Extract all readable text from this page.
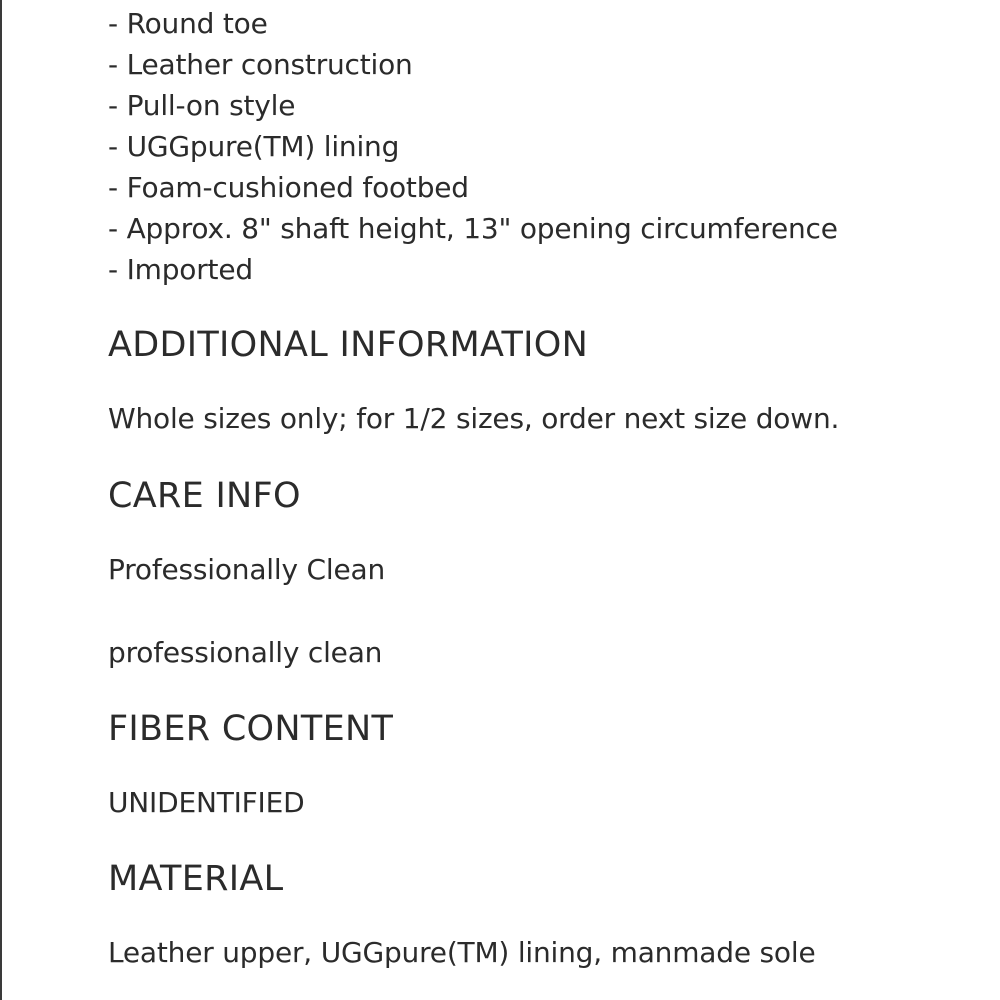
- Round toe
- Leather construction
- Pull-on style
- UGGpure(TM) lining
- Foam-cushioned footbed
- Approx. 8" shaft height, 13" opening circumference
- Imported
ADDITIONAL INFORMATION

Whole sizes only; for 1/2 sizes, order next size down.

CARE INFO

Professionally Clean

professionally clean

FIBER CONTENT

UNIDENTIFIED

MATERIAL

Leather upper, UGGpure(TM) lining, manmade sole
